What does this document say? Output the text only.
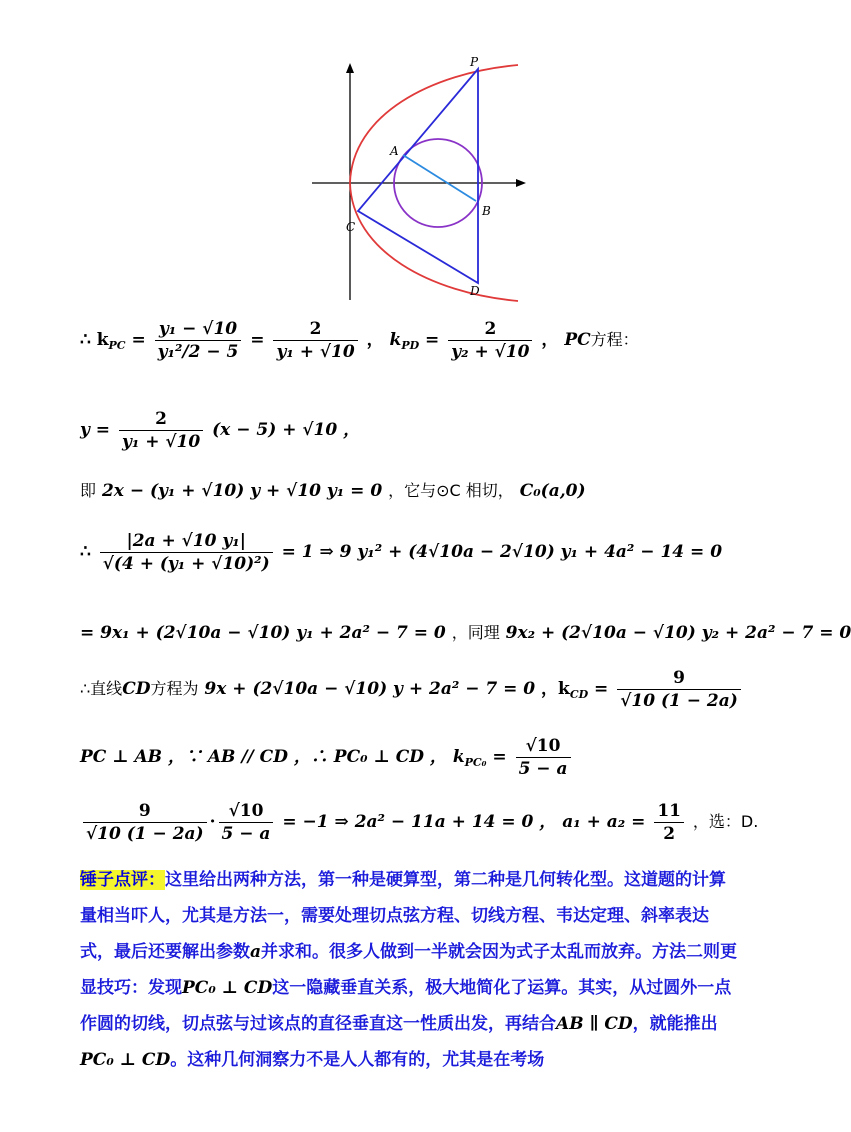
P
A
B
C
D
∴ $k_{PC} = \frac{\text{y₁ − √10}}{\text{y₁²/2 − 5}} = \frac{2}{\text{y₁ + √10}}$ ， $k_{PD} = \frac{2}{\text{y₂ + √10}}$ ， PC方程：
$y = \frac{2}{\text{y₁ + √10}} (x - 5) + √10$ ，
即 2x − (y₁ + √10) y + √10 y₁ = 0 ，它与⊙C 相切， C₀(a,0)
∴ $\frac{\text{|2a + √10 y₁|}}{\text{√(4 + (y₁ + √10)²)}} = 1$ ⇒ 9 y₁² + (4√10a − 2√10) y₁ + 4a² − 14 = 0
= 9x₁ + (2√10a − √10) y₁ + 2a² − 7 = 0 ，同理 9x₂ + (2√10a − √10) y₂ + 2a² − 7 = 0
∴直线CD方程为 9x + (2√10a − √10) y + 2a² − 7 = 0 ，$k_{CD} = \frac{9}{√10 (1 - 2a)}$
PC ⊥ AB ，∵ AB // CD ，∴ PC₀ ⊥ CD ， $k_{PC_0} = \frac{√10}{5 - a}$
$\frac{9}{√10 (1 - 2a)} \cdot \frac{√10}{5 - a} = -1$ ⇒ 2a² − 11a + 14 = 0 ， $a_1 + a_2 = \frac{11}{2}$ ，选：D.
锤子点评：这里给出两种方法，第一种是硬算型，第二种是几何转化型。这道题的计算量相当吓人，尤其是方法一，需要处理切点弦方程、切线方程、韦达定理、斜率表达式，最后还要解出参数a并求和。很多人做到一半就会因为式子太乱而放弃。方法二则更显技巧：发现PC₀ ⊥ CD这一隐藏垂直关系，极大地简化了运算。其实，从过圆外一点作圆的切线，切点弦与过该点的直径垂直这一性质出发，再结合AB ∥ CD，就能推出PC₀ ⊥ CD。这种几何洞察力不是人人都有的，尤其是在考场
